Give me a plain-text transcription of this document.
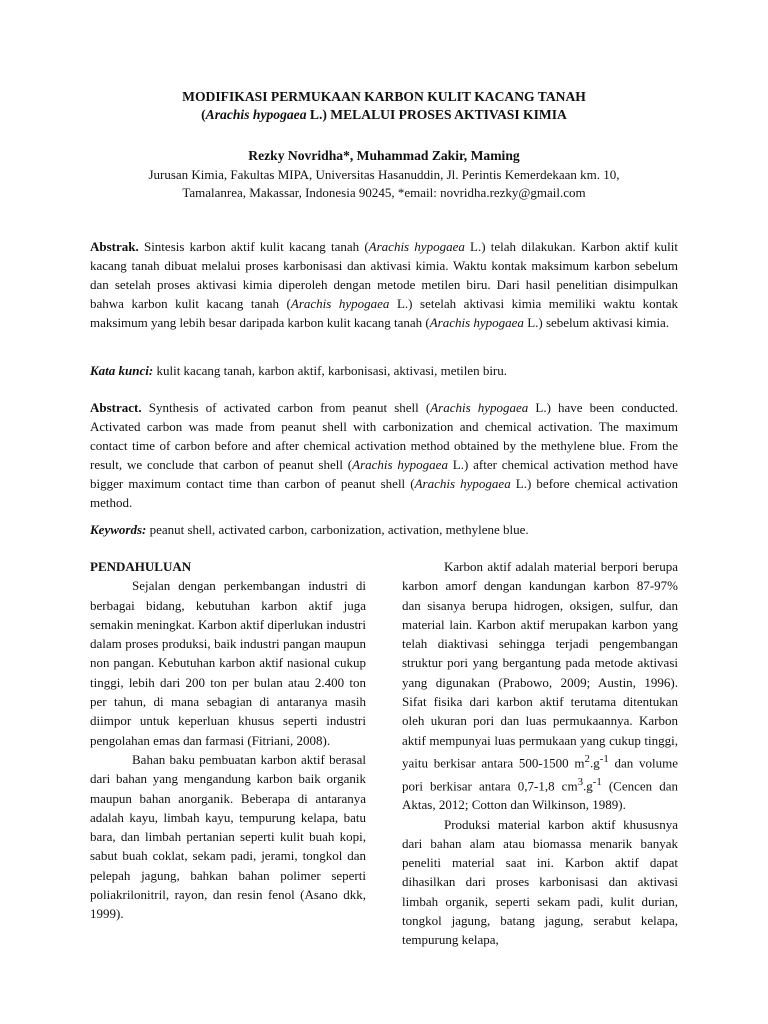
MODIFIKASI PERMUKAAN KARBON KULIT KACANG TANAH
(Arachis hypogaea L.) MELALUI PROSES AKTIVASI KIMIA
Rezky Novridha*, Muhammad Zakir, Maming
Jurusan Kimia, Fakultas MIPA, Universitas Hasanuddin, Jl. Perintis Kemerdekaan km. 10,
Tamalanrea, Makassar, Indonesia 90245, *email: novridha.rezky@gmail.com
Abstrak. Sintesis karbon aktif kulit kacang tanah (Arachis hypogaea L.) telah dilakukan. Karbon aktif kulit kacang tanah dibuat melalui proses karbonisasi dan aktivasi kimia. Waktu kontak maksimum karbon sebelum dan setelah proses aktivasi kimia diperoleh dengan metode metilen biru. Dari hasil penelitian disimpulkan bahwa karbon kulit kacang tanah (Arachis hypogaea L.) setelah aktivasi kimia memiliki waktu kontak maksimum yang lebih besar daripada karbon kulit kacang tanah (Arachis hypogaea L.) sebelum aktivasi kimia.
Kata kunci: kulit kacang tanah, karbon aktif, karbonisasi, aktivasi, metilen biru.
Abstract. Synthesis of activated carbon from peanut shell (Arachis hypogaea L.) have been conducted. Activated carbon was made from peanut shell with carbonization and chemical activation. The maximum contact time of carbon before and after chemical activation method obtained by the methylene blue. From the result, we conclude that carbon of peanut shell (Arachis hypogaea L.) after chemical activation method have bigger maximum contact time than carbon of peanut shell (Arachis hypogaea L.) before chemical activation method.
Keywords: peanut shell, activated carbon, carbonization, activation, methylene blue.

PENDAHULUAN

Sejalan dengan perkembangan industri di berbagai bidang, kebutuhan karbon aktif juga semakin meningkat. Karbon aktif diperlukan industri dalam proses produksi, baik industri pangan maupun non pangan. Kebutuhan karbon aktif nasional cukup tinggi, lebih dari 200 ton per bulan atau 2.400 ton per tahun, di mana sebagian di antaranya masih diimpor untuk keperluan khusus seperti industri pengolahan emas dan farmasi (Fitriani, 2008).

Bahan baku pembuatan karbon aktif berasal dari bahan yang mengandung karbon baik organik maupun bahan anorganik. Beberapa di antaranya adalah kayu, limbah kayu, tempurung kelapa, batu bara, dan limbah pertanian seperti kulit buah kopi, sabut buah coklat, sekam padi, jerami, tongkol dan pelepah jagung, bahkan bahan polimer seperti poliakrilonitril, rayon, dan resin fenol (Asano dkk, 1999).

Karbon aktif adalah material berpori berupa karbon amorf dengan kandungan karbon 87-97% dan sisanya berupa hidrogen, oksigen, sulfur, dan material lain. Karbon aktif merupakan karbon yang telah diaktivasi sehingga terjadi pengembangan struktur pori yang bergantung pada metode aktivasi yang digunakan (Prabowo, 2009; Austin, 1996). Sifat fisika dari karbon aktif terutama ditentukan oleh ukuran pori dan luas permukaannya. Karbon aktif mempunyai luas permukaan yang cukup tinggi, yaitu berkisar antara 500-1500 $m^2.g^{-1}$ dan volume pori berkisar antara 0,7-1,8 $cm^3.g^{-1}$ (Cencen dan Aktas, 2012; Cotton dan Wilkinson, 1989).

Produksi material karbon aktif khususnya dari bahan alam atau biomassa menarik banyak peneliti material saat ini. Karbon aktif dapat dihasilkan dari proses karbonisasi dan aktivasi limbah organik, seperti sekam padi, kulit durian, tongkol jagung, batang jagung, serabut kelapa, tempurung kelapa,
